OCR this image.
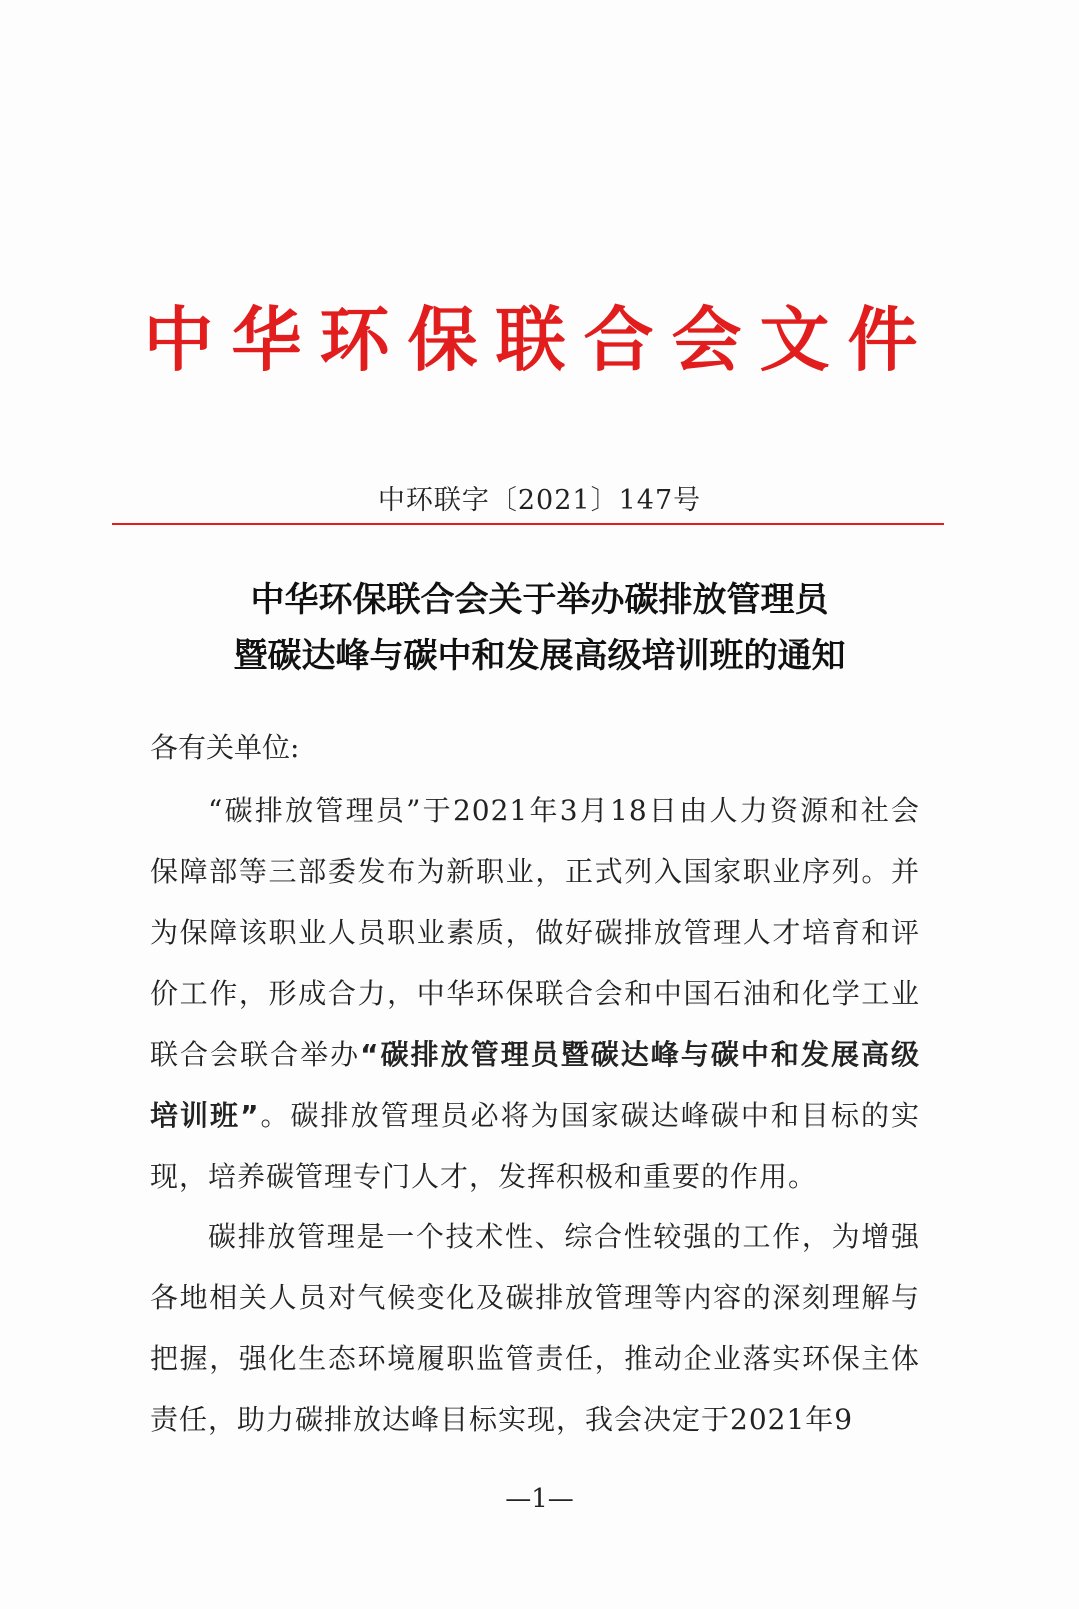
中华环保联合会文件
中环联字〔2021〕147号
中华环保联合会关于举办碳排放管理员
暨碳达峰与碳中和发展高级培训班的通知
各有关单位:
“碳排放管理员”于2021年3月18日由人力资源和社会保障部等三部委发布为新职业，正式列入国家职业序列。并为保障该职业人员职业素质，做好碳排放管理人才培育和评价工作，形成合力，中华环保联合会和中国石油和化学工业联合会联合举办“碳排放管理员暨碳达峰与碳中和发展高级培训班”。碳排放管理员必将为国家碳达峰碳中和目标的实现，培养碳管理专门人才，发挥积极和重要的作用。
碳排放管理是一个技术性、综合性较强的工作，为增强各地相关人员对气候变化及碳排放管理等内容的深刻理解与把握，强化生态环境履职监管责任，推动企业落实环保主体责任，助力碳排放达峰目标实现，我会决定于2021年9
—1—
